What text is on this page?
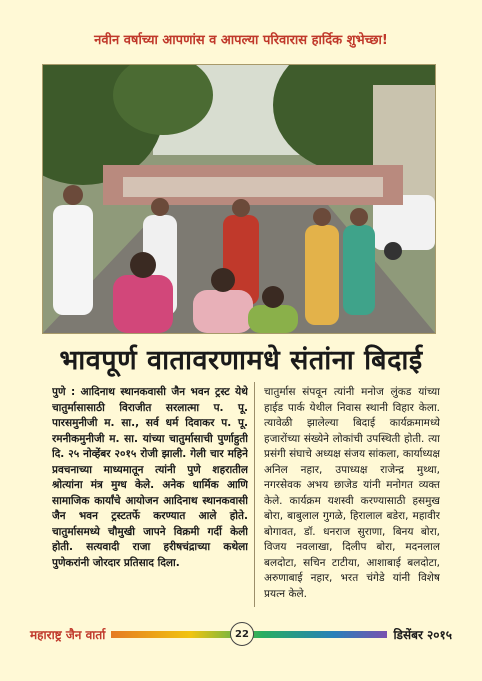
नवीन वर्षाच्या आपणांस व आपल्या परिवारास हार्दिक शुभेच्छा!
भावपूर्ण वातावरणामधे संतांना बिदाई

पुणे : आदिनाथ स्थानकवासी जैन भवन ट्रस्ट येथे चातुर्मासासाठी विराजीत सरलात्मा प. पू. पारसमुनीजी म. सा., सर्व धर्म दिवाकर प. पू. रमनीकमुनीजी म. सा. यांच्या चातुर्मासाची पुर्णाहुती दि. २५ नोव्हेंबर २०१५ रोजी झाली. गेली चार महिने प्रवचनाच्या माध्यमातून त्यांनी पुणे शहरातील श्रोत्यांना मंत्र मुग्ध केले. अनेक धार्मिक आणि सामाजिक कार्यांचे आयोजन आदिनाथ स्थानकवासी जैन भवन ट्रस्टतर्फे करण्यात आले होते. चातुर्मासमध्ये चौमुखी जापने विक्रमी गर्दी केली होती. सत्यवादी राजा हरीषचंद्राच्या कथेला पुणेकरांनी जोरदार प्रतिसाद दिला.

चातुर्मास संपवून त्यांनी मनोज लुंकड यांच्या हाईड पार्क येथील निवास स्थानी विहार केला. त्यावेळी झालेल्या बिदाई कार्यक्रमामध्ये हजारोंच्या संख्येने लोकांची उपस्थिती होती. त्या प्रसंगी संघाचे अध्यक्ष संजय सांकला, कार्याध्यक्ष अनिल नहार, उपाध्यक्ष राजेन्द्र मुथ्था, नगरसेवक अभय छाजेड यांनी मनोगत व्यक्त केले. कार्यक्रम यशस्वी करण्यासाठी हसमुख बोरा, बाबुलाल गुगळे, हिरालाल बडेरा, महावीर बोगावत, डॉ. धनराज सुराणा, बिनय बोरा, विजय नवलाखा, दिलीप बोरा, मदनलाल बलदोटा, सचिन टाटीया, आशाबाई बलदोटा, अरुणाबाई नहार, भरत चंगेडे यांनी विशेष प्रयत्न केले.

महाराष्ट्र जैन वार्ता	22	डिसेंबर २०१५
